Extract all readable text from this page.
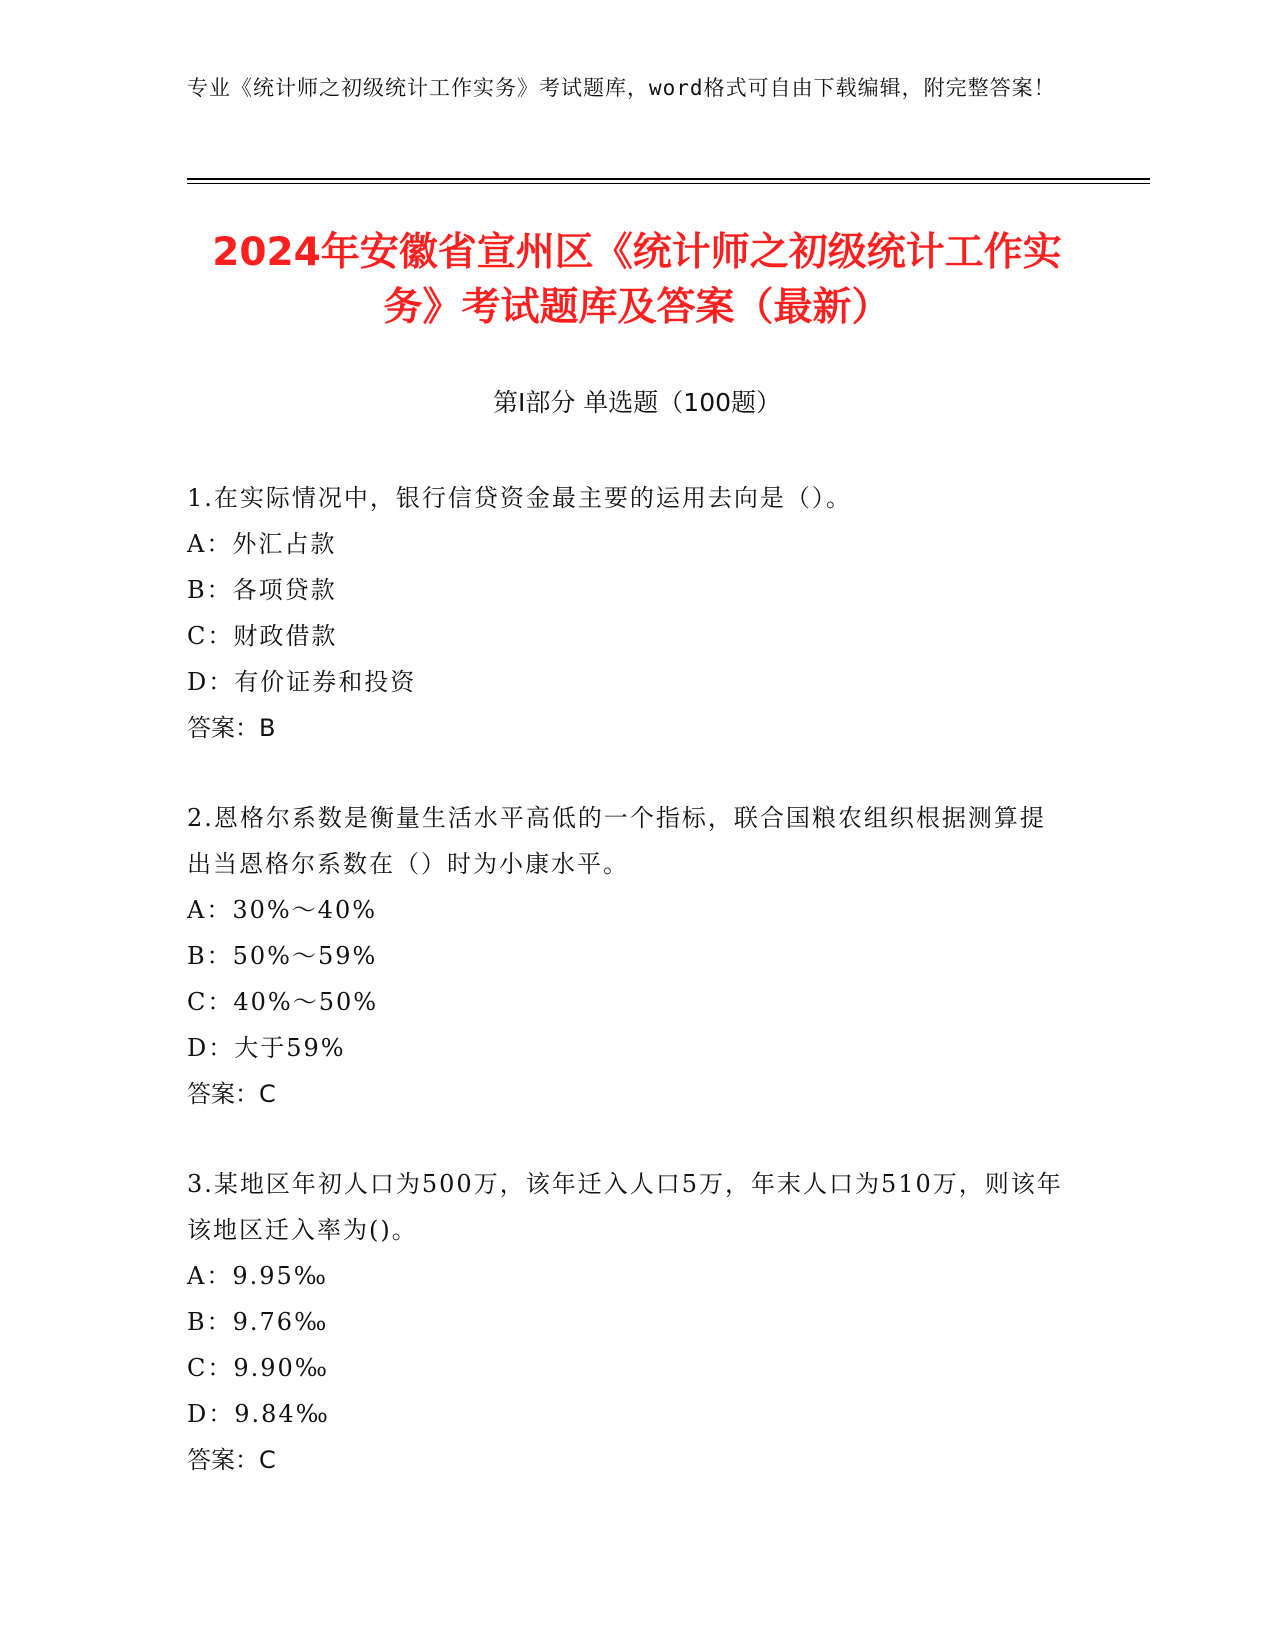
专业《统计师之初级统计工作实务》考试题库，word格式可自由下载编辑，附完整答案！
2024年安徽省宣州区《统计师之初级统计工作实务》考试题库及答案（最新）
第I部分 单选题（100题）
1.在实际情况中，银行信贷资金最主要的运用去向是（）。
A：外汇占款
B：各项贷款
C：财政借款
D：有价证券和投资
答案：B
2.恩格尔系数是衡量生活水平高低的一个指标，联合国粮农组织根据测算提出当恩格尔系数在（）时为小康水平。
A：30%～40%
B：50%～59%
C：40%～50%
D：大于59%
答案：C
3.某地区年初人口为500万，该年迁入人口5万，年末人口为510万，则该年该地区迁入率为()。
A：9.95‰
B：9.76‰
C：9.90‰
D：9.84‰
答案：C
